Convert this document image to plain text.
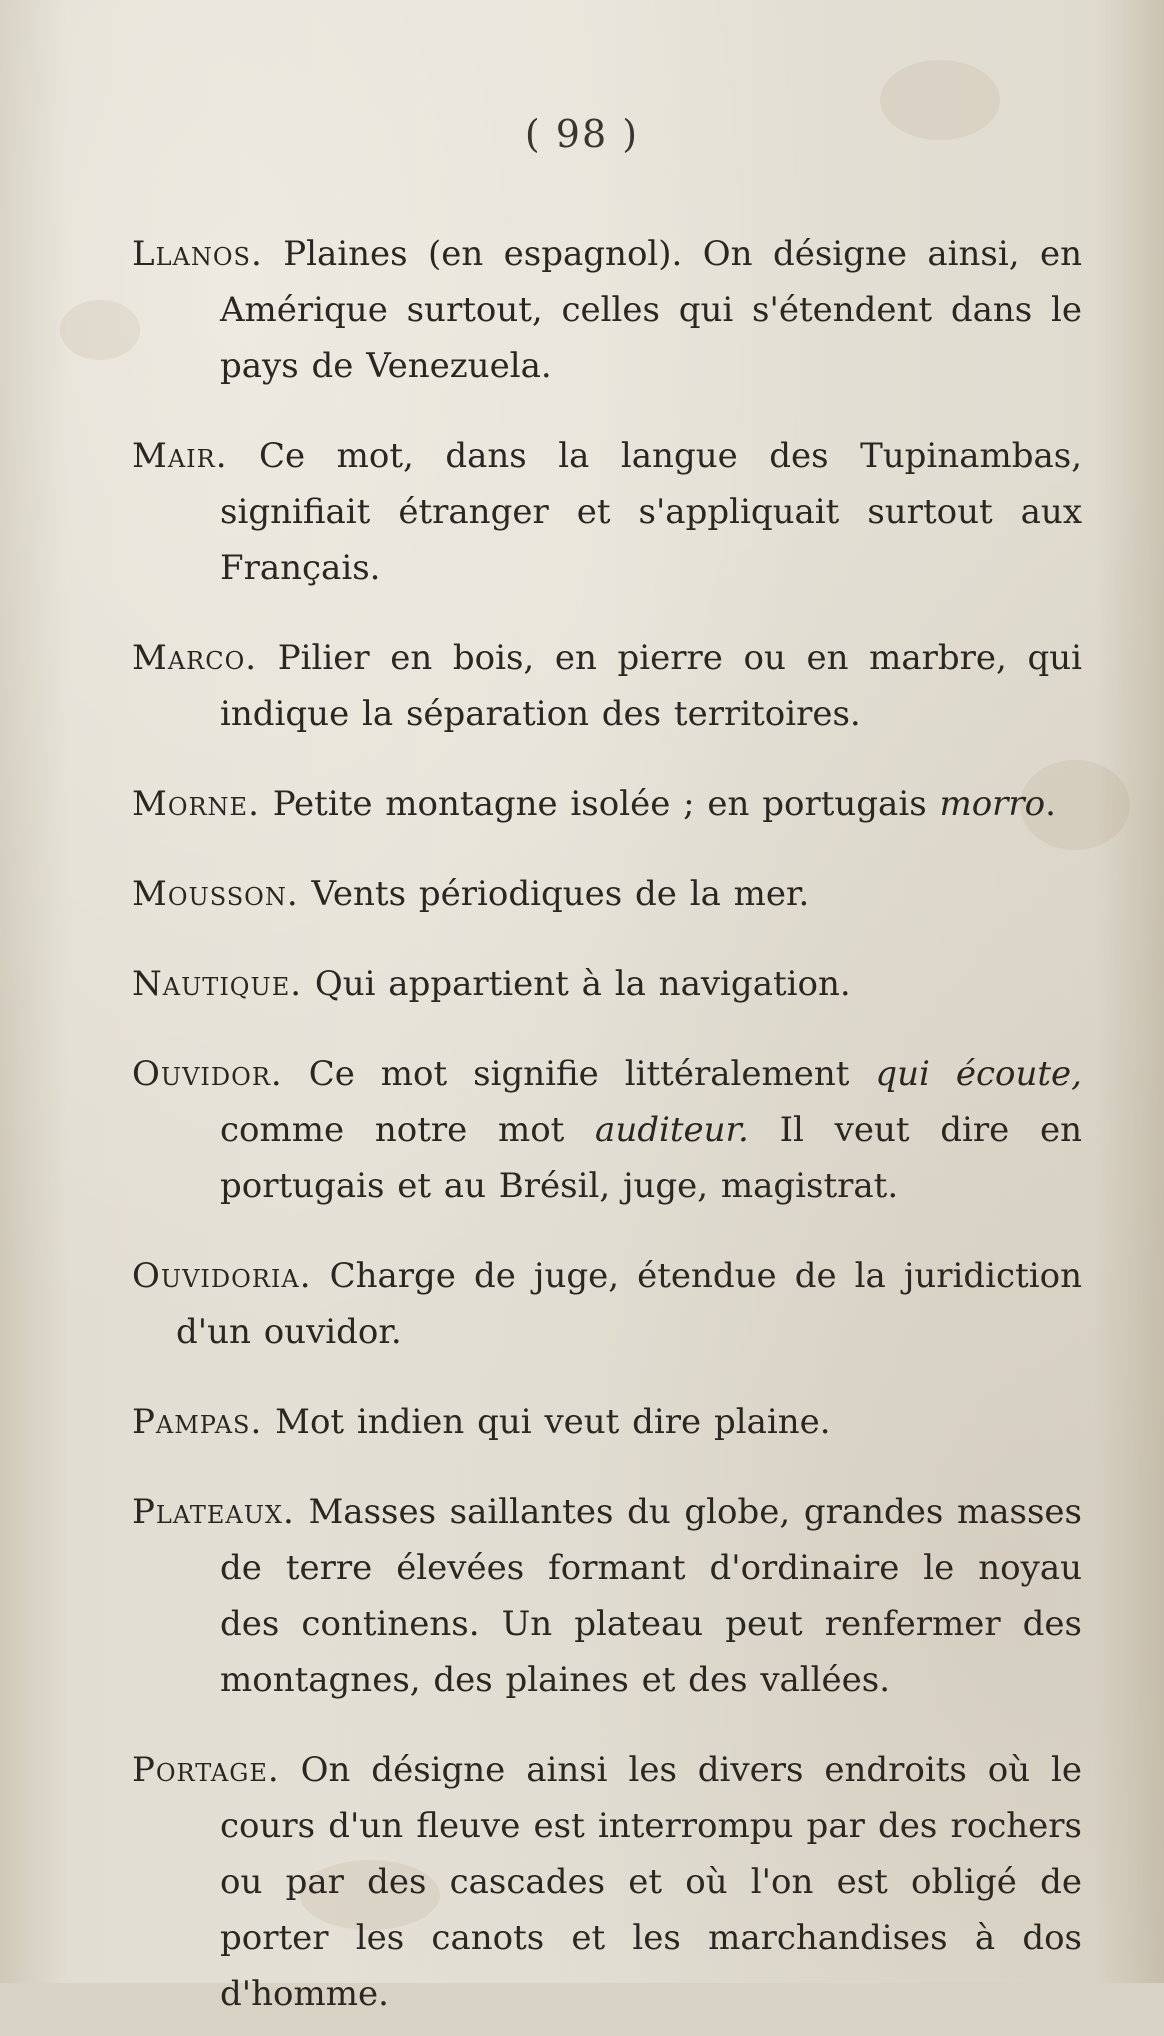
( 98 )

Llanos. Plaines (en espagnol). On désigne ainsi, en Amérique surtout, celles qui s'étendent dans le pays de Venezuela.

Mair. Ce mot, dans la langue des Tupinambas, signifiait étranger et s'appliquait surtout aux Français.

Marco. Pilier en bois, en pierre ou en marbre, qui indique la séparation des territoires.

Morne. Petite montagne isolée ; en portugais morro.

Mousson. Vents périodiques de la mer.

Nautique. Qui appartient à la navigation.

Ouvidor. Ce mot signifie littéralement qui écoute, comme notre mot auditeur. Il veut dire en portugais et au Brésil, juge, magistrat.

Ouvidoria. Charge de juge, étendue de la juridiction d'un ouvidor.

Pampas. Mot indien qui veut dire plaine.

Plateaux. Masses saillantes du globe, grandes masses de terre élevées formant d'ordinaire le noyau des continens. Un plateau peut renfermer des montagnes, des plaines et des vallées.

Portage. On désigne ainsi les divers endroits où le cours d'un fleuve est interrompu par des rochers ou par des cascades et où l'on est obligé de porter les canots et les marchandises à dos d'homme.
